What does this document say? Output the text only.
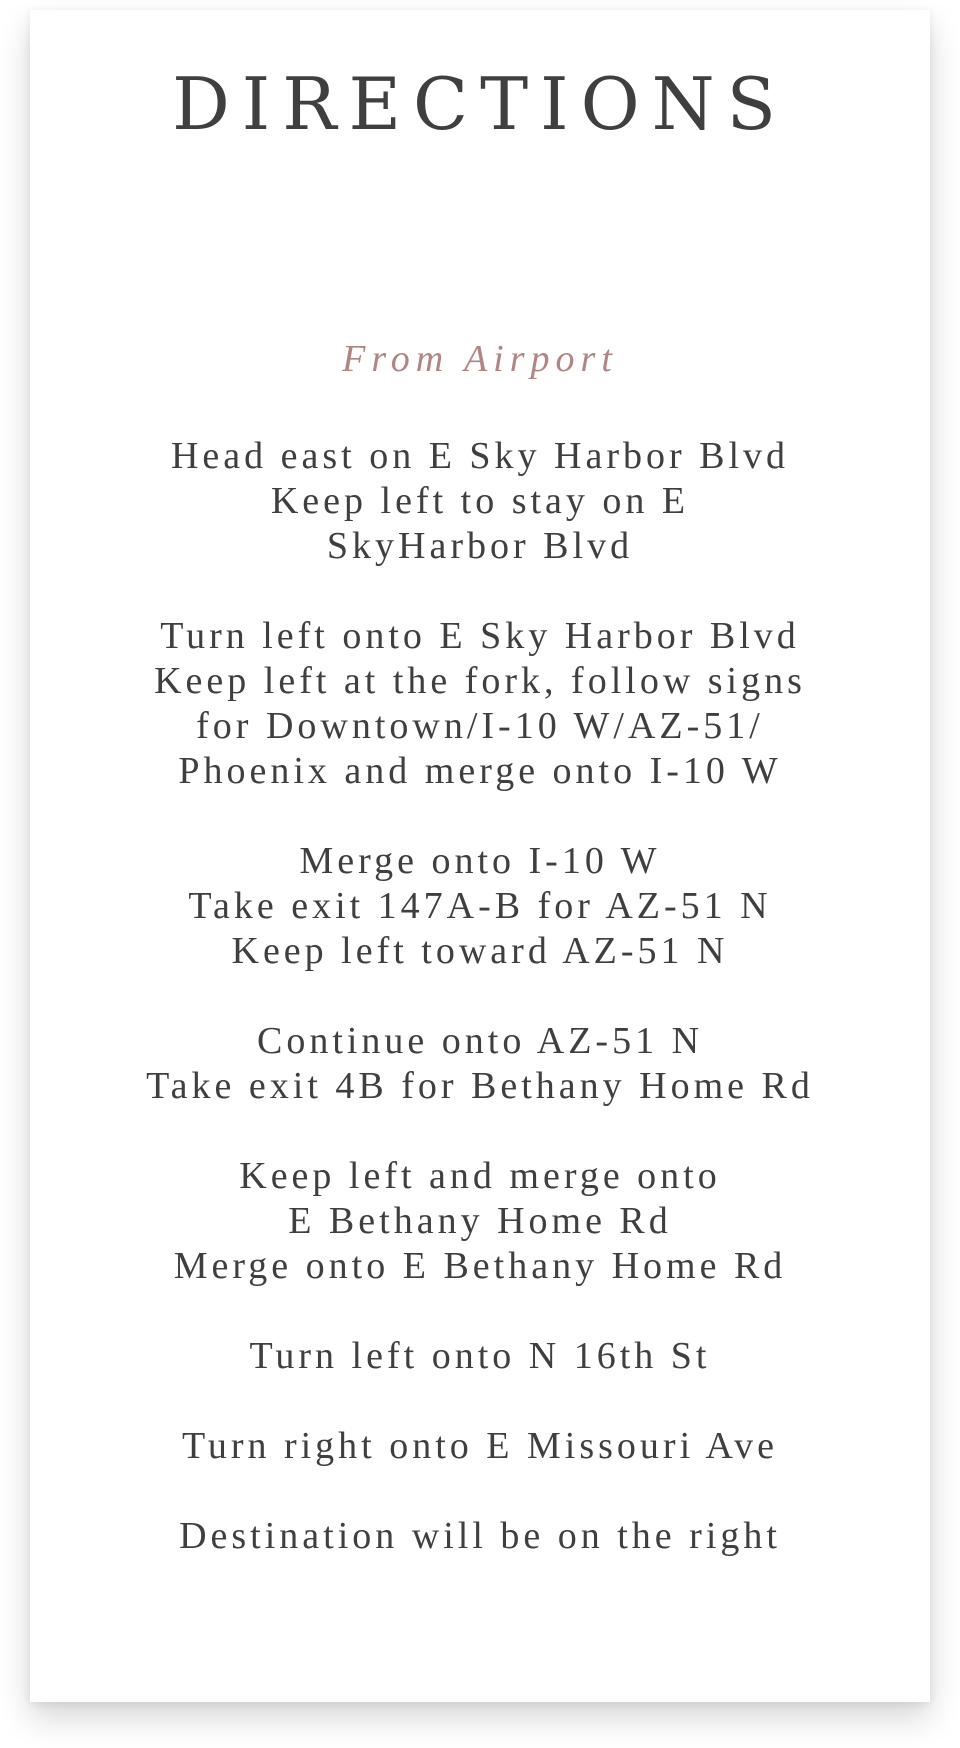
DIRECTIONS
From Airport
Head east on E Sky Harbor Blvd
Keep left to stay on E
SkyHarbor Blvd
Turn left onto E Sky Harbor Blvd
Keep left at the fork, follow signs
for Downtown/I-10 W/AZ-51/
Phoenix and merge onto I-10 W
Merge onto I-10 W
Take exit 147A-B for AZ-51 N
Keep left toward AZ-51 N
Continue onto AZ-51 N
Take exit 4B for Bethany Home Rd
Keep left and merge onto
E Bethany Home Rd
Merge onto E Bethany Home Rd
Turn left onto N 16th St
Turn right onto E Missouri Ave
Destination will be on the right
